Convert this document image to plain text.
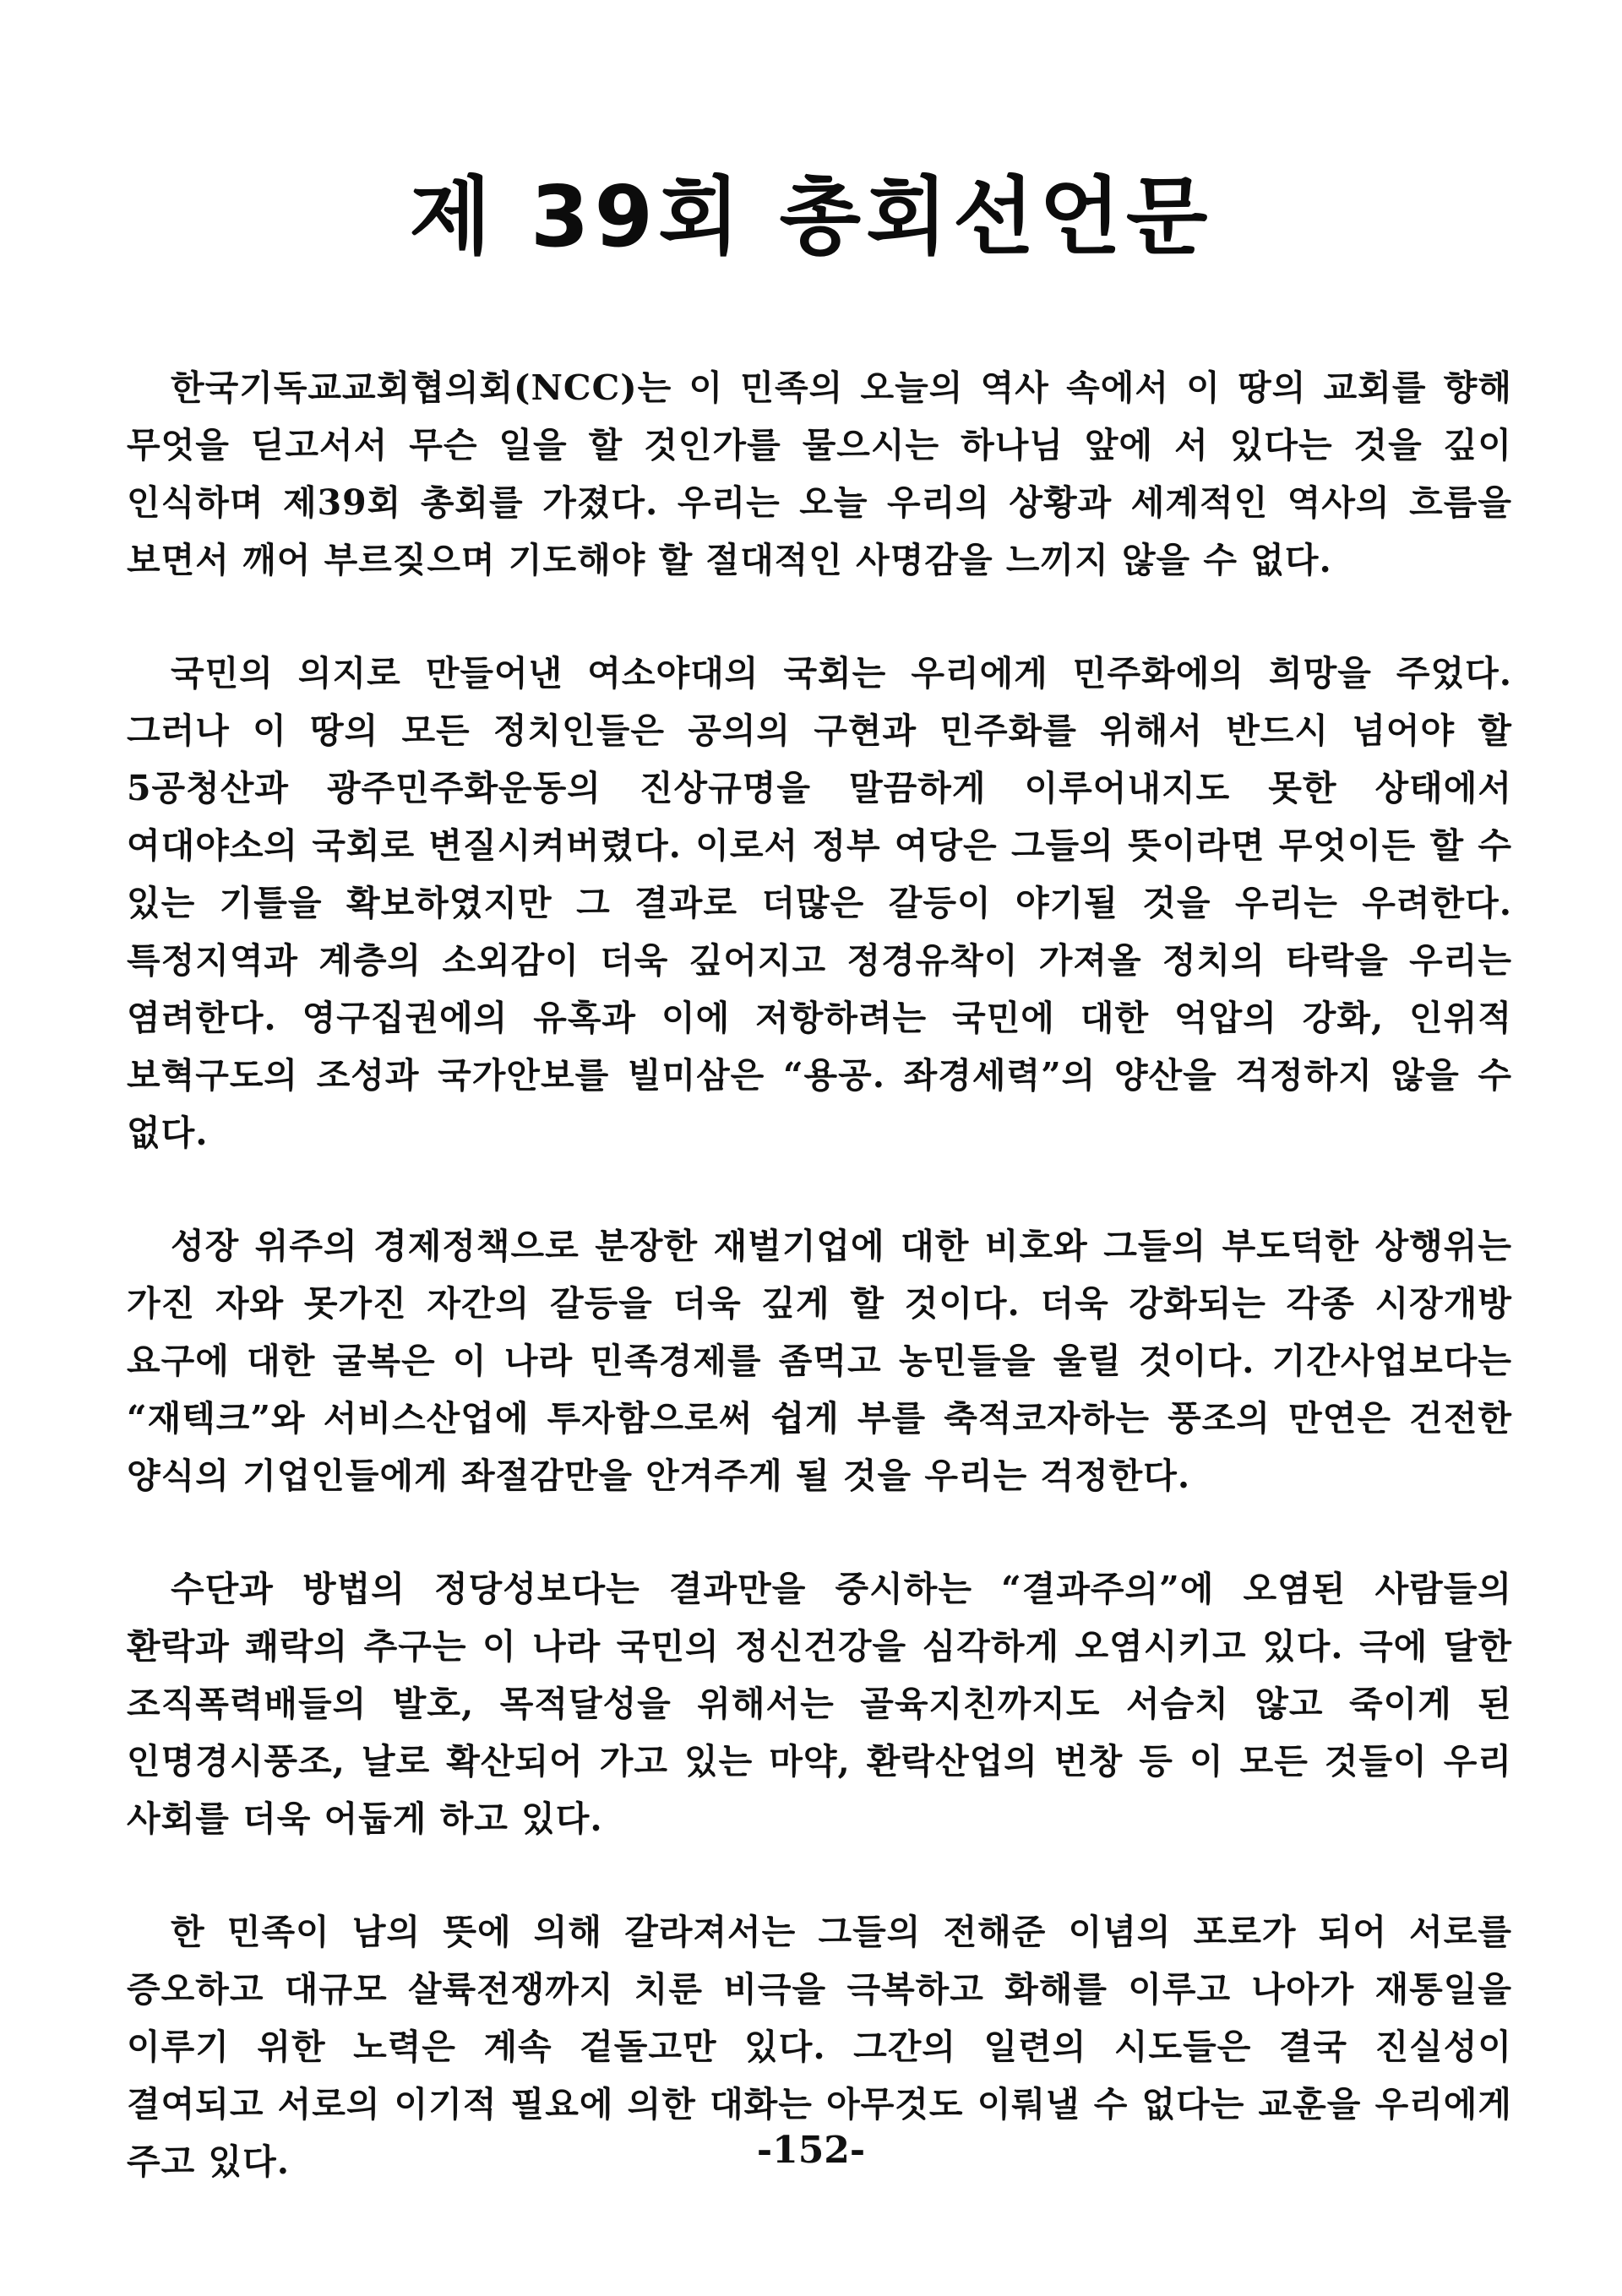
제 39회 총회선언문

한국기독교교회협의회(NCC)는 이 민족의 오늘의 역사 속에서 이 땅의 교회를 향해 무엇을 딛고서서 무슨 일을 할 것인가를 물으시는 하나님 앞에 서 있다는 것을 깊이 인식하며 제39회 총회를 가졌다. 우리는 오늘 우리의 상황과 세계적인 역사의 흐름을 보면서 깨어 부르짖으며 기도해야 할 절대적인 사명감을 느끼지 않을 수 없다.

국민의 의지로 만들어낸 여소야대의 국회는 우리에게 민주화에의 희망을 주었다. 그러나 이 땅의 모든 정치인들은 공의의 구현과 민주화를 위해서 반드시 넘어야 할 5공청산과 광주민주화운동의 진상규명을 말끔하게 이루어내지도 못한 상태에서 여대야소의 국회로 변질시켜버렸다. 이로서 정부 여당은 그들의 뜻이라면 무엇이든 할 수 있는 기틀을 확보하였지만 그 결과로 더많은 갈등이 야기될 것을 우리는 우려한다. 특정지역과 계층의 소외감이 더욱 깊어지고 정경유착이 가져올 정치의 타락을 우리는 염려한다. 영구집권에의 유혹과 이에 저항하려는 국민에 대한 억압의 강화, 인위적 보혁구도의 조성과 국가안보를 빌미삼은 “용공. 좌경세력”의 양산을 걱정하지 않을 수 없다.

성장 위주의 경제정책으로 분장한 재벌기업에 대한 비호와 그들의 부도덕한 상행위는 가진 자와 못가진 자간의 갈등을 더욱 깊게 할 것이다. 더욱 강화되는 각종 시장개방 요구에 대한 굴복은 이 나라 민족경제를 좀먹고 농민들을 울릴 것이다. 기간사업보다는 “재텍크”와 서비스산업에 투자함으로써 쉽게 부를 축적코자하는 풍조의 만연은 건전한 양식의 기업인들에게 좌절감만을 안겨주게 될 것을 우리는 걱정한다.

수단과 방법의 정당성보다는 결과만을 중시하는 “결과주의”에 오염된 사람들의 환락과 쾌락의 추구는 이 나라 국민의 정신건강을 심각하게 오염시키고 있다. 극에 달한 조직폭력배들의 발호, 목적달성을 위해서는 골육지친까지도 서슴치 않고 죽이게 된 인명경시풍조, 날로 확산되어 가고 있는 마약, 환락산업의 번창 등 이 모든 것들이 우리 사회를 더욱 어둡게 하고 있다.

한 민족이 남의 뜻에 의해 갈라져서는 그들의 전해준 이념의 포로가 되어 서로를 증오하고 대규모 살륙전쟁까지 치룬 비극을 극복하고 화해를 이루고 나아가 재통일을 이루기 위한 노력은 계속 겉돌고만 있다. 그간의 일련의 시도들은 결국 진실성이 결여되고 서로의 이기적 필요에 의한 대화는 아무것도 이뤄낼 수 없다는 교훈을 우리에게 주고 있다.	-152-
